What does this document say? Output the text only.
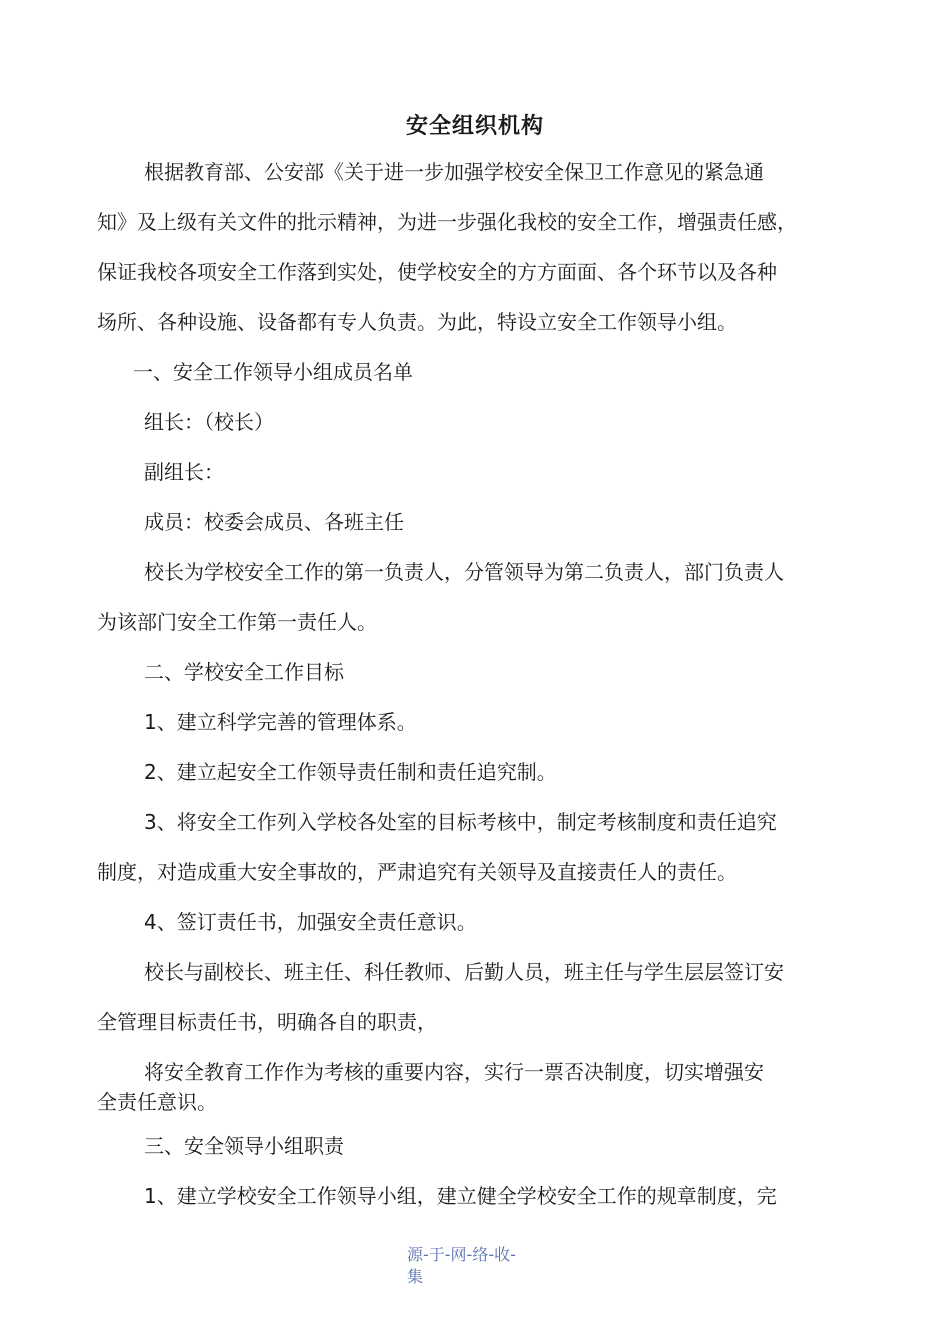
安全组织机构
根据教育部、公安部《关于进一步加强学校安全保卫工作意见的紧急通
知》及上级有关文件的批示精神，为进一步强化我校的安全工作，增强责任感，
保证我校各项安全工作落到实处，使学校安全的方方面面、各个环节以及各种
场所、各种设施、设备都有专人负责。为此，特设立安全工作领导小组。
一、安全工作领导小组成员名单
组长：（校长）
副组长：
成员：校委会成员、各班主任
校长为学校安全工作的第一负责人，分管领导为第二负责人，部门负责人
为该部门安全工作第一责任人。
二、学校安全工作目标
1、建立科学完善的管理体系。
2、建立起安全工作领导责任制和责任追究制。
3、将安全工作列入学校各处室的目标考核中，制定考核制度和责任追究
制度，对造成重大安全事故的，严肃追究有关领导及直接责任人的责任。
4、签订责任书，加强安全责任意识。
校长与副校长、班主任、科任教师、后勤人员，班主任与学生层层签订安
全管理目标责任书，明确各自的职责，
将安全教育工作作为考核的重要内容，实行一票否决制度，切实增强安
全责任意识。
三、安全领导小组职责
1、建立学校安全工作领导小组，建立健全学校安全工作的规章制度，完
源-于-网-络-收-
集
